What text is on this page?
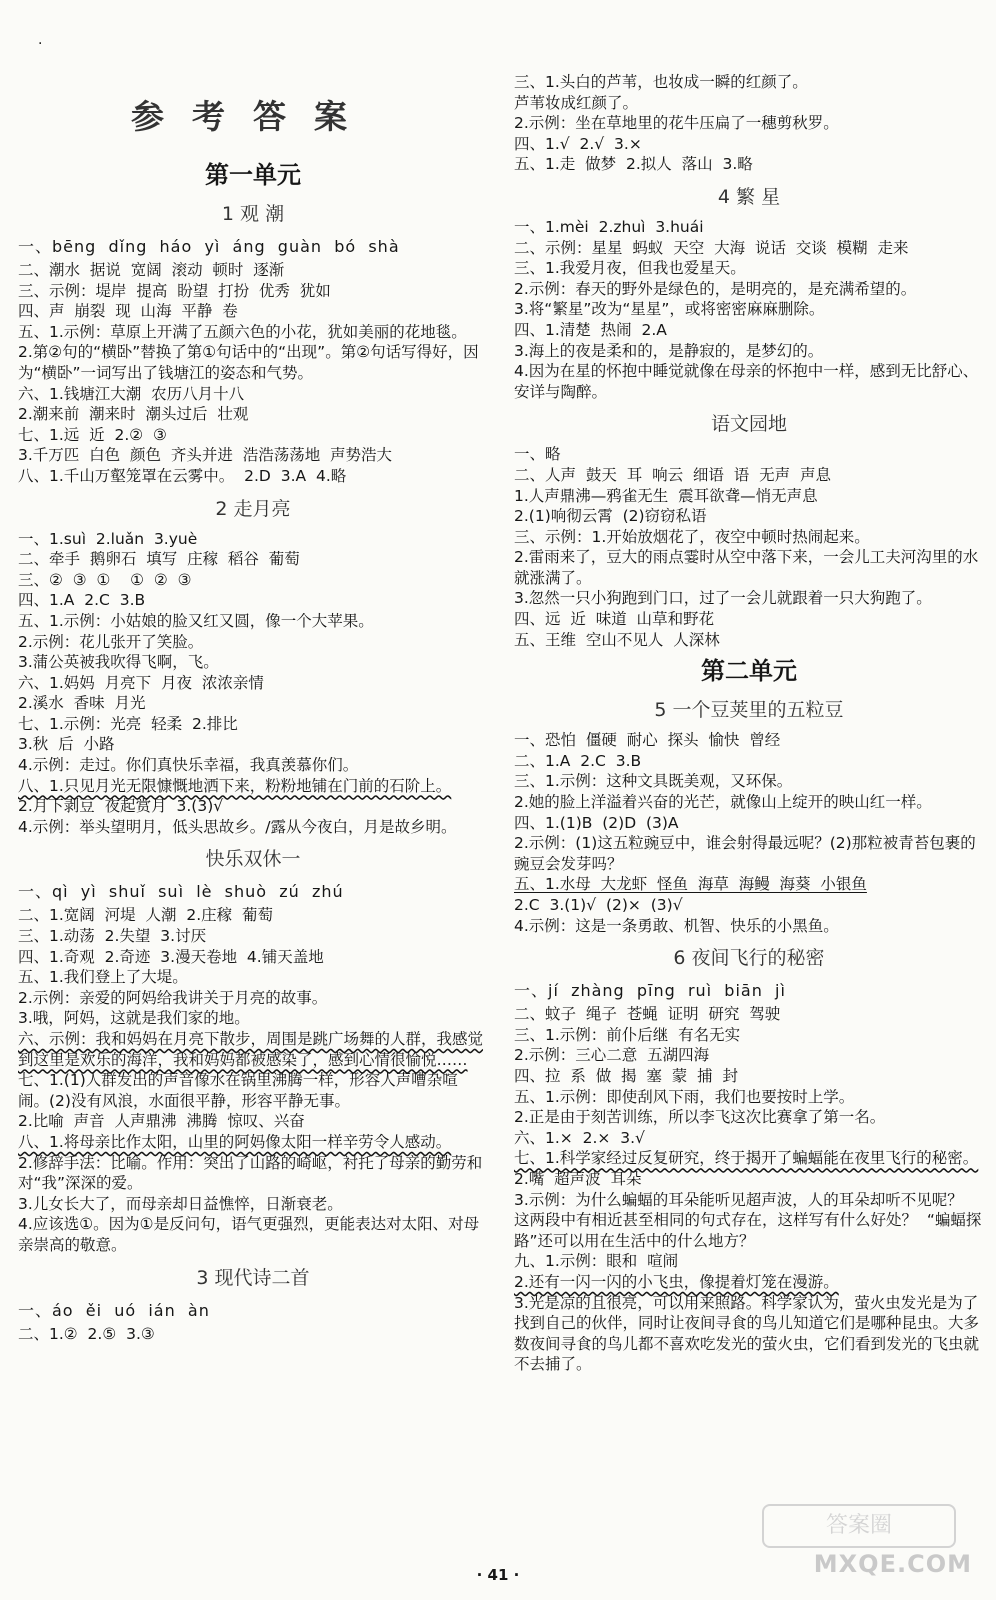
·
参考答案
第一单元
1 观 潮
一、bēng  dǐng  háo  yì  áng  guàn  bó  shà
二、潮水  据说  宽阔  滚动  顿时  逐渐
三、示例：堤岸  提高  盼望  打扮  优秀  犹如
四、声  崩裂  现  山海  平静  卷
五、1.示例：草原上开满了五颜六色的小花，犹如美丽的花地毯。
2.第②句的“横卧”替换了第①句话中的“出现”。第②句话写得好，因为“横卧”一词写出了钱塘江的姿态和气势。
六、1.钱塘江大潮  农历八月十八
2.潮来前  潮来时  潮头过后  壮观
七、1.远  近  2.②  ③
3.千万匹  白色  颜色  齐头并进  浩浩荡荡地  声势浩大
八、1.千山万壑笼罩在云雾中。  2.D  3.A  4.略
2 走月亮
一、1.suì  2.luǎn  3.yuè
二、牵手  鹅卵石  填写  庄稼  稻谷  葡萄
三、②  ③  ①    ①  ②  ③
四、1.A  2.C  3.B
五、1.示例：小姑娘的脸又红又圆，像一个大苹果。
2.示例：花儿张开了笑脸。
3.蒲公英被我吹得飞啊，飞。
六、1.妈妈  月亮下  月夜  浓浓亲情
2.溪水  香味  月光
七、1.示例：光亮  轻柔  2.排比
3.秋  后  小路
4.示例：走过。你们真快乐幸福，我真羡慕你们。
八、1.只见月光无限慷慨地洒下来，粉粉地铺在门前的石阶上。
2.月下剥豆  夜起赏月  3.(3)√
4.示例：举头望明月，低头思故乡。/露从今夜白，月是故乡明。
快乐双休一
一、qì  yì  shuǐ  suì  lè  shuò  zú  zhú
二、1.宽阔  河堤  人潮  2.庄稼  葡萄
三、1.动荡  2.失望  3.讨厌
四、1.奇观  2.奇迹  3.漫天卷地  4.铺天盖地
五、1.我们登上了大堤。
2.示例：亲爱的阿妈给我讲关于月亮的故事。
3.哦，阿妈，这就是我们家的地。
六、示例：我和妈妈在月亮下散步，周围是跳广场舞的人群，我感觉到这里是欢乐的海洋，我和妈妈都被感染了，感到心情很愉悦……
七、1.(1)人群发出的声音像水在锅里沸腾一样，形容人声嘈杂喧闹。(2)没有风浪，水面很平静，形容平静无事。
2.比喻  声音  人声鼎沸  沸腾  惊叹、兴奋
八、1.将母亲比作太阳，山里的阿妈像太阳一样辛劳令人感动。
2.修辞手法：比喻。作用：突出了山路的崎岖，衬托了母亲的勤劳和对“我”深深的爱。
3.儿女长大了，而母亲却日益憔悴，日渐衰老。
4.应该选①。因为①是反问句，语气更强烈，更能表达对太阳、对母亲崇高的敬意。
3 现代诗二首
一、áo  ěi  uó  ián  àn
二、1.②  2.⑤  3.③
三、1.头白的芦苇，也妆成一瞬的红颜了。
芦苇妆成红颜了。
2.示例：坐在草地里的花牛压扁了一穗剪秋罗。
四、1.√  2.√  3.×
五、1.走  做梦  2.拟人  落山  3.略
4 繁 星
一、1.mèi  2.zhuì  3.huái
二、示例：星星  蚂蚁  天空  大海  说话  交谈  模糊  走来
三、1.我爱月夜，但我也爱星天。
2.示例：春天的野外是绿色的，是明亮的，是充满希望的。
3.将“繁星”改为“星星”，或将密密麻麻删除。
四、1.清楚  热闹  2.A
3.海上的夜是柔和的，是静寂的，是梦幻的。
4.因为在星的怀抱中睡觉就像在母亲的怀抱中一样，感到无比舒心、安详与陶醉。
语文园地
一、略
二、人声  鼓天  耳  响云  细语  语  无声  声息
1.人声鼎沸—鸦雀无生  震耳欲聋—悄无声息
2.(1)响彻云霄  (2)窃窃私语
三、示例：1.开始放烟花了，夜空中顿时热闹起来。
2.雷雨来了，豆大的雨点霎时从空中落下来，一会儿工夫河沟里的水就涨满了。
3.忽然一只小狗跑到门口，过了一会儿就跟着一只大狗跑了。
四、远  近  味道  山草和野花
五、王维  空山不见人  人深林
第二单元
5 一个豆荚里的五粒豆
一、恐怕  僵硬  耐心  探头  愉快  曾经
二、1.A  2.C  3.B
三、1.示例：这种文具既美观，又环保。
2.她的脸上洋溢着兴奋的光芒，就像山上绽开的映山红一样。
四、1.(1)B  (2)D  (3)A
2.示例：(1)这五粒豌豆中，谁会射得最远呢？(2)那粒被青苔包裹的豌豆会发芽吗？
五、1.水母  大龙虾  怪鱼  海草  海鳗  海葵  小银鱼
2.C  3.(1)√  (2)×  (3)√
4.示例：这是一条勇敢、机智、快乐的小黑鱼。
6 夜间飞行的秘密
一、jí  zhàng  pīng  ruì  biān  jì
二、蚊子  绳子  苍蝇  证明  研究  驾驶
三、1.示例：前仆后继  有名无实
2.示例：三心二意  五湖四海
四、拉  系  做  揭  塞  蒙  捕  封
五、1.示例：即使刮风下雨，我们也要按时上学。
2.正是由于刻苦训练，所以李飞这次比赛拿了第一名。
六、1.×  2.×  3.√
七、1.科学家经过反复研究，终于揭开了蝙蝠能在夜里飞行的秘密。
2.嘴  超声波  耳朵
3.示例：为什么蝙蝠的耳朵能听见超声波，人的耳朵却听不见呢？  这两段中有相近甚至相同的句式存在，这样写有什么好处？  “蝙蝠探路”还可以用在生活中的什么地方？
九、1.示例：眼和  喧闹
2.还有一闪一闪的小飞虫，像提着灯笼在漫游。
3.光是凉的且很亮，可以用来照路。科学家认为，萤火虫发光是为了找到自己的伙伴，同时让夜间寻食的鸟儿知道它们是哪种昆虫。大多数夜间寻食的鸟儿都不喜欢吃发光的萤火虫，它们看到发光的飞虫就不去捕了。
答案圈
MXQE.COM
· 41 ·
